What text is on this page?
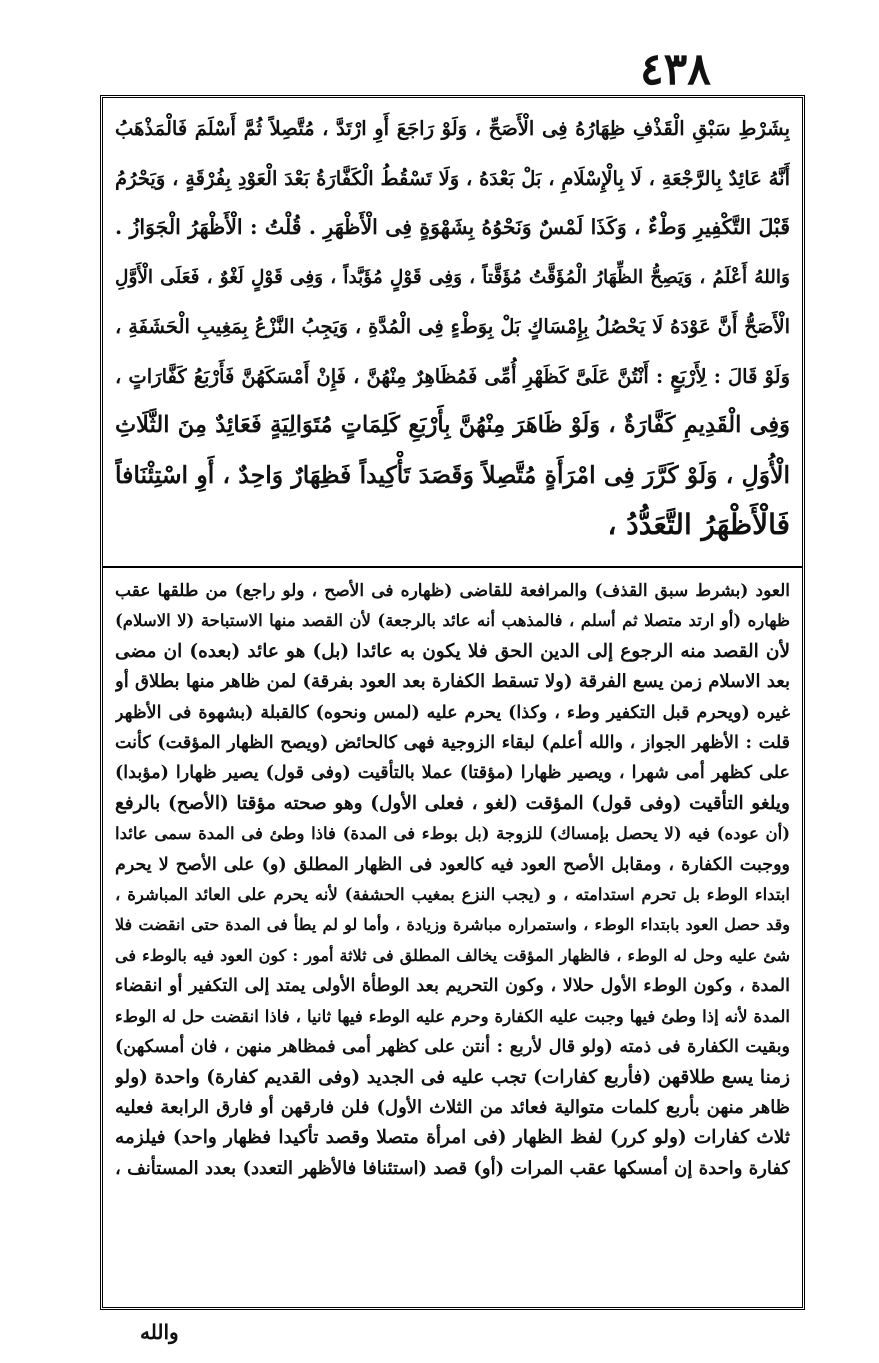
٤٣٨
بِشَرْطِ سَبْقِ الْقَذْفِ ظِهَارُهُ فِى الْأَصَحِّ ، وَلَوْ رَاجَعَ أَوِ ارْتَدَّ ، مُتَّصِلاً ثُمَّ أَسْلَمَ فَالْمَذْهَبُ
أَنَّهُ عَائِدٌ بِالرَّجْعَةِ ، لَا بِالْإِسْلَامِ ، بَلْ بَعْدَهُ ، وَلَا تَسْقُطُ الْكَفَّارَةُ بَعْدَ الْعَوْدِ بِفُرْقَةٍ ، وَيَحْرُمُ
قَبْلَ التَّكْفِيرِ وَطْءٌ ، وَكَذَا لَمْسٌ وَنَحْوُهُ بِشَهْوَةٍ فِى الْأَظْهَرِ . قُلْتُ : الْأَظْهَرُ الْجَوَازُ .
وَاللهُ أَعْلَمُ ، وَيَصِحُّ الظِّهَارُ الْمُؤَقَّتُ مُؤَقَّتاً ، وَفِى قَوْلٍ مُؤَبَّداً ، وَفِى قَوْلٍ لَغْوٌ ، فَعَلَى الْأَوَّلِ
الْأَصَحُّ أَنَّ عَوْدَهُ لَا يَحْصُلُ بِإِمْسَاكٍ بَلْ بِوَطْءٍ فِى الْمُدَّةِ ، وَيَجِبُ النَّزْعُ بِمَغِيبِ الْحَشَفَةِ ،
وَلَوْ قَالَ : لِأَرْبَعٍ : أَنْتُنَّ عَلَىَّ كَظَهْرِ أُمِّى فَمُظَاهِرٌ مِنْهُنَّ ، فَإِنْ أَمْسَكَهُنَّ فَأَرْبَعُ كَفَّارَاتٍ ،
وَفِى الْقَدِيمِ كَفَّارَةٌ ، وَلَوْ ظَاهَرَ مِنْهُنَّ بِأَرْبَعِ كَلِمَاتٍ مُتَوَالِيَةٍ فَعَائِدٌ مِنَ الثَّلَاثِ
الْأُوَلِ ، وَلَوْ كَرَّرَ فِى امْرَأَةٍ مُتَّصِلاً وَقَصَدَ تَأْكِيداً فَظِهَارٌ وَاحِدٌ ، أَوِ اسْتِئْنَافاً
فَالْأَظْهَرُ التَّعَدُّدُ ،
العود (بشرط سبق القذف) والمرافعة للقاضى (ظهاره فى الأصح ، ولو راجع) من طلقها عقب
ظهاره (أو ارتد متصلا ثم أسلم ، فالمذهب أنه عائد بالرجعة) لأن القصد منها الاستباحة (لا الاسلام)
لأن القصد منه الرجوع إلى الدين الحق فلا يكون به عائدا (بل) هو عائد (بعده) ان مضى
بعد الاسلام زمن يسع الفرقة (ولا تسقط الكفارة بعد العود بفرقة) لمن ظاهر منها بطلاق أو
غيره (ويحرم قبل التكفير وطء ، وكذا) يحرم عليه (لمس ونحوه) كالقبلة (بشهوة فى الأظهر
قلت : الأظهر الجواز ، والله أعلم) لبقاء الزوجية فهى كالحائض (ويصح الظهار المؤقت) كأنت
على كظهر أمى شهرا ، ويصير ظهارا (مؤقتا) عملا بالتأقيت (وفى قول) يصير ظهارا (مؤبدا)
ويلغو التأقيت (وفى قول) المؤقت (لغو ، فعلى الأول) وهو صحته مؤقتا (الأصح) بالرفع
(أن عوده) فيه (لا يحصل بإمساك) للزوجة (بل بوطء فى المدة) فاذا وطئ فى المدة سمى عائدا
ووجبت الكفارة ، ومقابل الأصح العود فيه كالعود فى الظهار المطلق (و) على الأصح لا يحرم
ابتداء الوطء بل تحرم استدامته ، و (يجب النزع بمغيب الحشفة) لأنه يحرم على العائد المباشرة ،
وقد حصل العود بابتداء الوطء ، واستمراره مباشرة وزيادة ، وأما لو لم يطأ فى المدة حتى انقضت فلا
شئ عليه وحل له الوطء ، فالظهار المؤقت يخالف المطلق فى ثلاثة أمور : كون العود فيه بالوطء فى
المدة ، وكون الوطء الأول حلالا ، وكون التحريم بعد الوطأة الأولى يمتد إلى التكفير أو انقضاء
المدة لأنه إذا وطئ فيها وجبت عليه الكفارة وحرم عليه الوطء فيها ثانيا ، فاذا انقضت حل له الوطء
وبقيت الكفارة فى ذمته (ولو قال لأربع : أنتن على كظهر أمى فمظاهر منهن ، فان أمسكهن)
زمنا يسع طلاقهن (فأربع كفارات) تجب عليه فى الجديد (وفى القديم كفارة) واحدة (ولو
ظاهر منهن بأربع كلمات متوالية فعائد من الثلاث الأول) فلن فارقهن أو فارق الرابعة فعليه
ثلاث كفارات (ولو كرر) لفظ الظهار (فى امرأة متصلا وقصد تأكيدا فظهار واحد) فيلزمه
كفارة واحدة إن أمسكها عقب المرات (أو) قصد (استئنافا فالأظهر التعدد) بعدد المستأنف ،
والله
